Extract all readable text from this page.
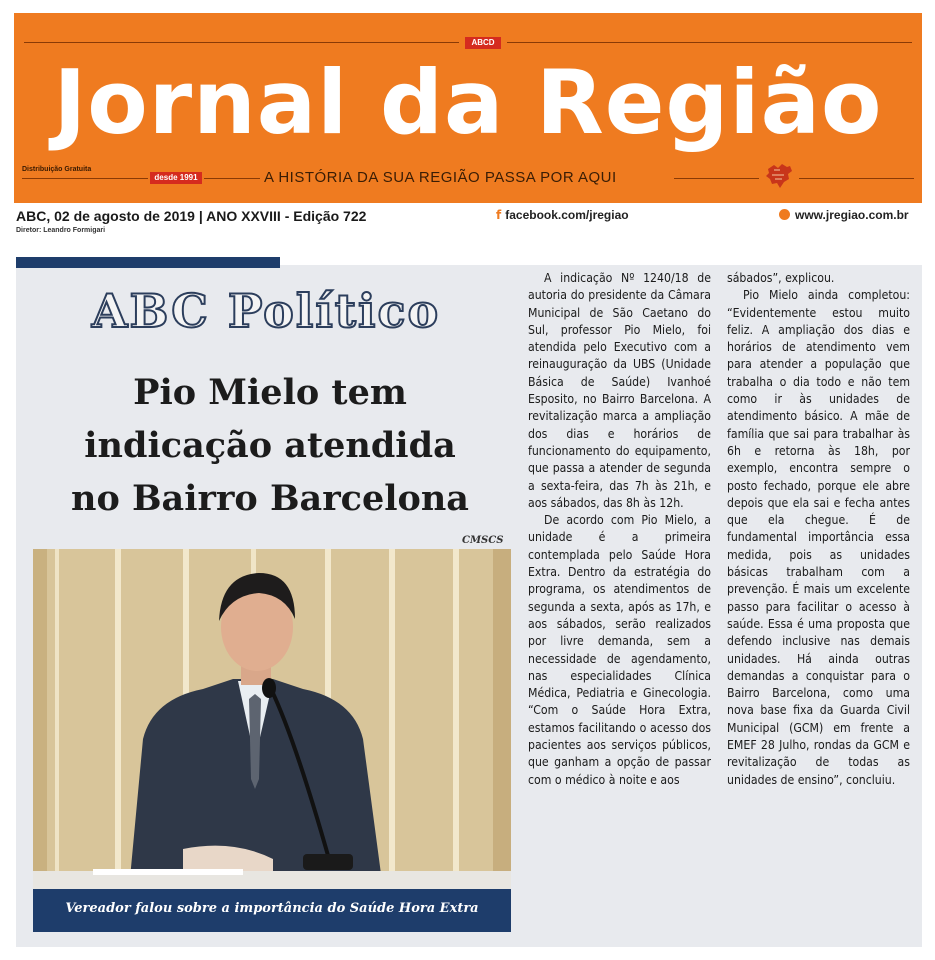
ABCD
Jornal da Região
Distribuição Gratuita
desde 1991	A HISTÓRIA DA SUA REGIÃO PASSA POR AQUI
ABC, 02 de agosto de 2019 | ANO XXVIII - Edição 722
Diretor: Leandro Formigari
f facebook.com/jregiao	www.jregiao.com.br
ABC Político
Pio Mielo tem indicação atendida no Bairro Barcelona
CMSCS
Vereador falou sobre a importância do Saúde Hora Extra

A indicação Nº 1240/18 de autoria do presidente da Câmara Municipal de São Caetano do Sul, professor Pio Mielo, foi atendida pelo Executivo com a reinauguração da UBS (Unidade Básica de Saúde) Ivanhoé Esposito, no Bairro Barcelona. A revitalização marca a ampliação dos dias e horários de funcionamento do equipamento, que passa a atender de segunda a sexta-feira, das 7h às 21h, e aos sábados, das 8h às 12h.

De acordo com Pio Mielo, a unidade é a primeira contemplada pelo Saúde Hora Extra. Dentro da estratégia do programa, os atendimentos de segunda a sexta, após as 17h, e aos sábados, serão realizados por livre demanda, sem a necessidade de agendamento, nas especialidades Clínica Médica, Pediatria e Ginecologia. “Com o Saúde Hora Extra, estamos facilitando o acesso dos pacientes aos serviços públicos, que ganham a opção de passar com o médico à noite e aos

sábados”, explicou.

Pio Mielo ainda completou: “Evidentemente estou muito feliz. A ampliação dos dias e horários de atendimento vem para atender a população que trabalha o dia todo e não tem como ir às unidades de atendimento básico. A mãe de família que sai para trabalhar às 6h e retorna às 18h, por exemplo, encontra sempre o posto fechado, porque ele abre depois que ela sai e fecha antes que ela chegue. É de fundamental importância essa medida, pois as unidades básicas trabalham com a prevenção. É mais um excelente passo para facilitar o acesso à saúde. Essa é uma proposta que defendo inclusive nas demais unidades. Há ainda outras demandas a conquistar para o Bairro Barcelona, como uma nova base fixa da Guarda Civil Municipal (GCM) em frente a EMEF 28 Julho, rondas da GCM e revitalização de todas as unidades de ensino”, concluiu.
